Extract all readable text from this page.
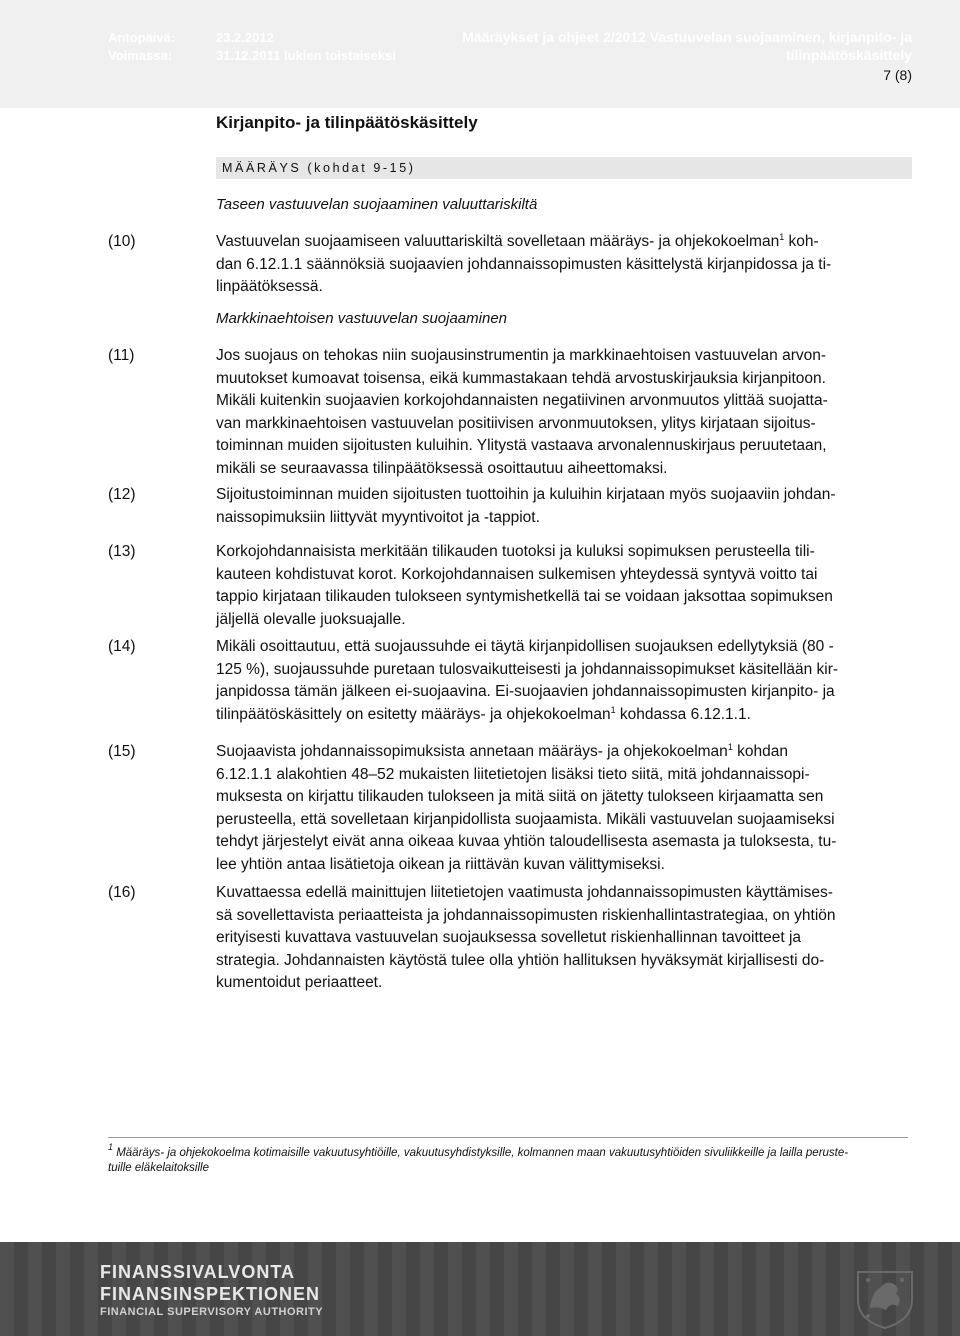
Antopäivä:	23.2.2012
Voimassa:	31.12.2011 lukien toistaiseksi
Määräykset ja ohjeet 2/2012 Vastuuvelan suojaaminen, kirjanpito- ja
tilinpäätöskäsittely
7 (8)
Kirjanpito- ja tilinpäätöskäsittely
MÄÄRÄYS (kohdat 9-15)
Taseen vastuuvelan suojaaminen valuuttariskiltä
Markkinaehtoisen vastuuvelan suojaaminen
(10)	Vastuuvelan suojaamiseen valuuttariskiltä sovelletaan määräys- ja ohjekokoelman$^1$ koh-
dan 6.12.1.1 säännöksiä suojaavien johdannaissopimusten käsittelystä kirjanpidossa ja ti-
linpäätöksessä.
(11)	Jos suojaus on tehokas niin suojausinstrumentin ja markkinaehtoisen vastuuvelan arvon-
muutokset kumoavat toisensa, eikä kummastakaan tehdä arvostuskirjauksia kirjanpitoon.
Mikäli kuitenkin suojaavien korkojohdannaisten negatiivinen arvonmuutos ylittää suojatta-
van markkinaehtoisen vastuuvelan positiivisen arvonmuutoksen, ylitys kirjataan sijoitus-
toiminnan muiden sijoitusten kuluihin. Ylitystä vastaava arvonalennuskirjaus peruutetaan,
mikäli se seuraavassa tilinpäätöksessä osoittautuu aiheettomaksi.
(12)	Sijoitustoiminnan muiden sijoitusten tuottoihin ja kuluihin kirjataan myös suojaaviin johdan-
naissopimuksiin liittyvät myyntivoitot ja -tappiot.
(13)	Korkojohdannaisista merkitään tilikauden tuotoksi ja kuluksi sopimuksen perusteella tili-
kauteen kohdistuvat korot. Korkojohdannaisen sulkemisen yhteydessä syntyvä voitto tai
tappio kirjataan tilikauden tulokseen syntymishetkellä tai se voidaan jaksottaa sopimuksen
jäljellä olevalle juoksuajalle.
(14)	Mikäli osoittautuu, että suojaussuhde ei täytä kirjanpidollisen suojauksen edellytyksiä (80 -
125 %), suojaussuhde puretaan tulosvaikutteisesti ja johdannaissopimukset käsitellään kir-
janpidossa tämän jälkeen ei-suojaavina. Ei-suojaavien johdannaissopimusten kirjanpito- ja
tilinpäätöskäsittely on esitetty määräys- ja ohjekokoelman$^1$ kohdassa 6.12.1.1.
(15)	Suojaavista johdannaissopimuksista annetaan määräys- ja ohjekokoelman$^1$ kohdan
6.12.1.1 alakohtien 48–52 mukaisten liitetietojen lisäksi tieto siitä, mitä johdannaissopi-
muksesta on kirjattu tilikauden tulokseen ja mitä siitä on jätetty tulokseen kirjaamatta sen
perusteella, että sovelletaan kirjanpidollista suojaamista. Mikäli vastuuvelan suojaamiseksi
tehdyt järjestelyt eivät anna oikeaa kuvaa yhtiön taloudellisesta asemasta ja tuloksesta, tu-
lee yhtiön antaa lisätietoja oikean ja riittävän kuvan välittymiseksi.
(16)	Kuvattaessa edellä mainittujen liitetietojen vaatimusta johdannaissopimusten käyttämises-
sä sovellettavista periaatteista ja johdannaissopimusten riskienhallintastrategiaa, on yhtiön
erityisesti kuvattava vastuuvelan suojauksessa sovelletut riskienhallinnan tavoitteet ja
strategia. Johdannaisten käytöstä tulee olla yhtiön hallituksen hyväksymät kirjallisesti do-
kumentoidut periaatteet.
$^1$ Määräys- ja ohjekokoelma kotimaisille vakuutusyhtiöille, vakuutusyhdistyksille, kolmannen maan vakuutusyhtiöiden sivuliikkeille ja lailla peruste-
tuille eläkelaitoksille
FINANSSIVALVONTA
FINANSINSPEKTIONEN
FINANCIAL SUPERVISORY AUTHORITY
